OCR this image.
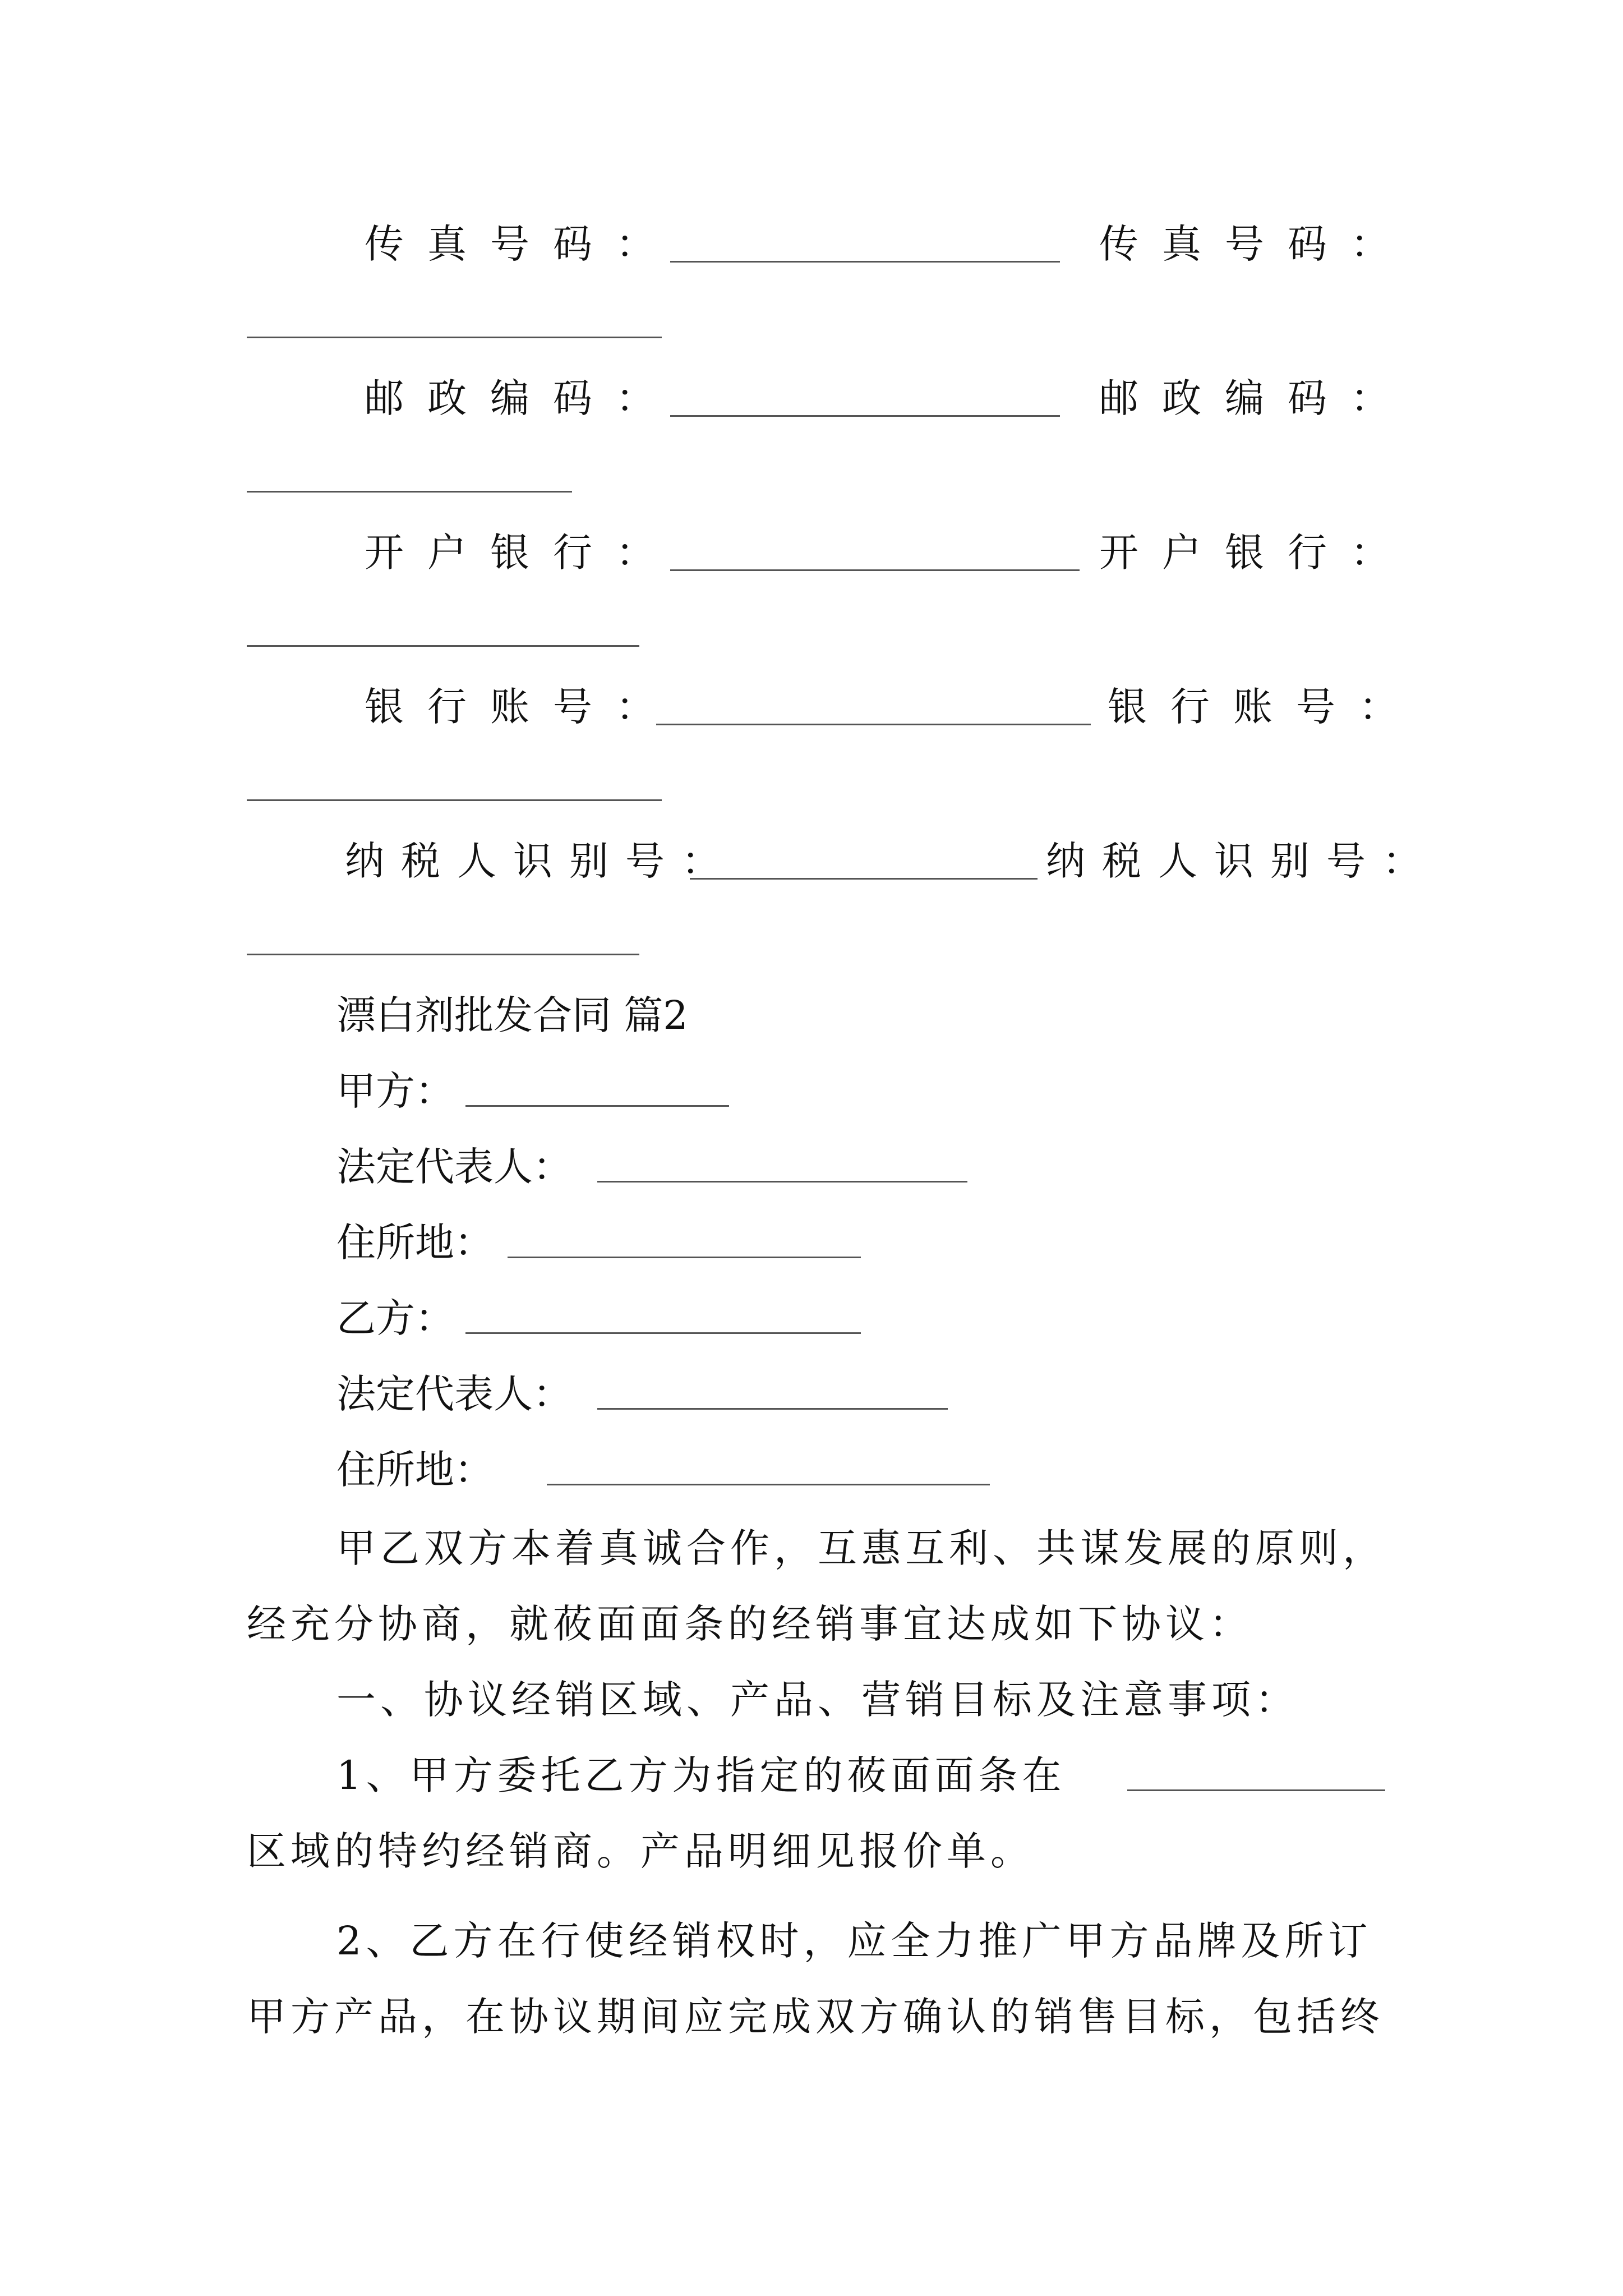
传真号码：	传真号码：
邮政编码：	邮政编码：
开户银行：	开户银行：
银行账号：	银行账号：
纳税人识别号：	纳税人识别号：
漂白剂批发合同 篇2
甲方：
法定代表人：
住所地：
乙方：
法定代表人：
住所地：
甲乙双方本着真诚合作，互惠互利、共谋发展的原则，
经充分协商，就莜面面条的经销事宜达成如下协议：
一、协议经销区域、产品、营销目标及注意事项：
1、甲方委托乙方为指定的莜面面条在
区域的特约经销商。产品明细见报价单。
2、乙方在行使经销权时，应全力推广甲方品牌及所订
甲方产品，在协议期间应完成双方确认的销售目标，包括终
